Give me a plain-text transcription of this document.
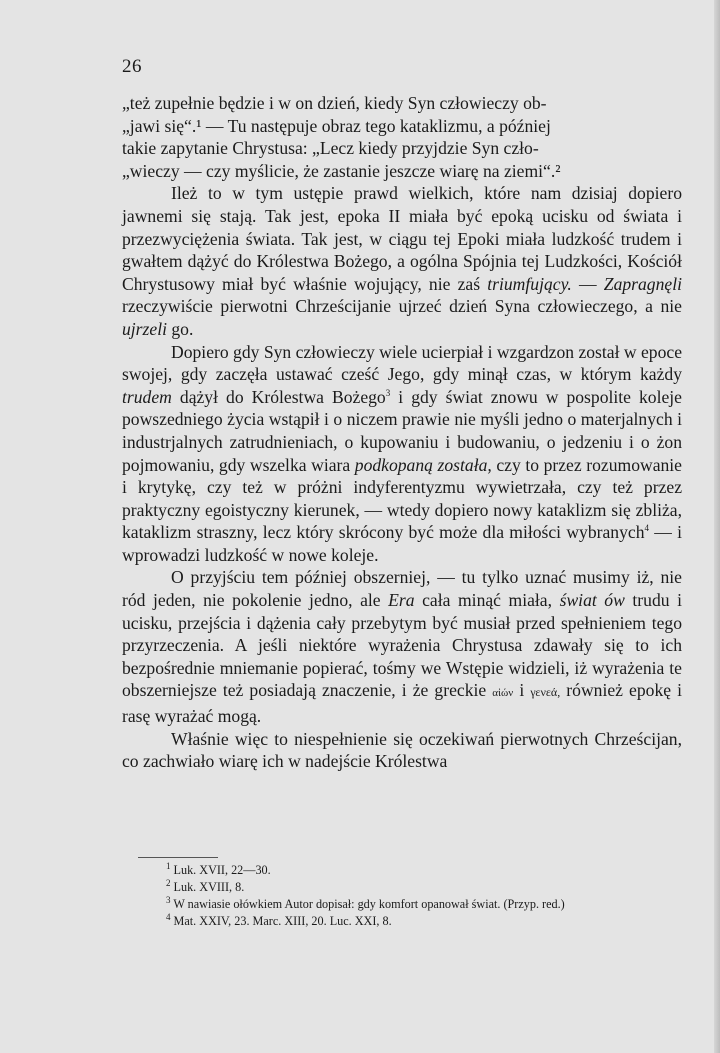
26

„też zupełnie będzie i w on dzień, kiedy Syn człowieczy ob-
„jawi się“.¹ — Tu następuje obraz tego kataklizmu, a później
takie zapytanie Chrystusa: „Lecz kiedy przyjdzie Syn czło-
„wieczy — czy myślicie, że zastanie jeszcze wiarę na ziemi“.²

Ileż to w tym ustępie prawd wielkich, które nam dzisiaj dopiero jawnemi się stają. Tak jest, epoka II miała być epoką ucisku od świata i przezwyciężenia świata. Tak jest, w ciągu tej Epoki miała ludzkość trudem i gwałtem dążyć do Królestwa Bożego, a ogólna Spójnia tej Ludzkości, Kościół Chrystusowy miał być właśnie wojujący, nie zaś triumfujący. — Zapragnęli rzeczywiście pierwotni Chrześcijanie ujrzeć dzień Syna człowieczego, a nie ujrzeli go.

Dopiero gdy Syn człowieczy wiele ucierpiał i wzgardzon został w epoce swojej, gdy zaczęła ustawać cześć Jego, gdy minął czas, w którym każdy trudem dążył do Królestwa Bożego$^3$ i gdy świat znowu w pospolite koleje powszedniego życia wstąpił i o niczem prawie nie myśli jedno o materjalnych i industrjalnych zatrudnieniach, o kupowaniu i budowaniu, o jedzeniu i o żon pojmowaniu, gdy wszelka wiara podkopaną została, czy to przez rozumowanie i krytykę, czy też w próżni indyferentyzmu wywietrzała, czy też przez praktyczny egoistyczny kierunek, — wtedy dopiero nowy kataklizm się zbliża, kataklizm straszny, lecz który skrócony być może dla miłości wybranych$^4$ — i wprowadzi ludzkość w nowe koleje.

O przyjściu tem później obszerniej, — tu tylko uznać musimy iż, nie ród jeden, nie pokolenie jedno, ale Era cała minąć miała, świat ów trudu i ucisku, przejścia i dążenia cały przebytym być musiał przed spełnieniem tego przyrzeczenia. A jeśli niektóre wyrażenia Chrystusa zdawały się to ich bezpośrednie mniemanie popierać, tośmy we Wstępie widzieli, iż wyrażenia te obszerniejsze też posiadają znaczenie, i że greckie αἰών i γενεά, również epokę i rasę wyrażać mogą.

Właśnie więc to niespełnienie się oczekiwań pierwotnych Chrześcijan, co zachwiało wiarę ich w nadejście Królestwa

$^1$ Luk. XVII, 22—30.
$^2$ Luk. XVIII, 8.
$^3$ W nawiasie ołówkiem Autor dopisał: gdy komfort opanował świat. (Przyp. red.)
$^4$ Mat. XXIV, 23. Marc. XIII, 20. Luc. XXI, 8.
